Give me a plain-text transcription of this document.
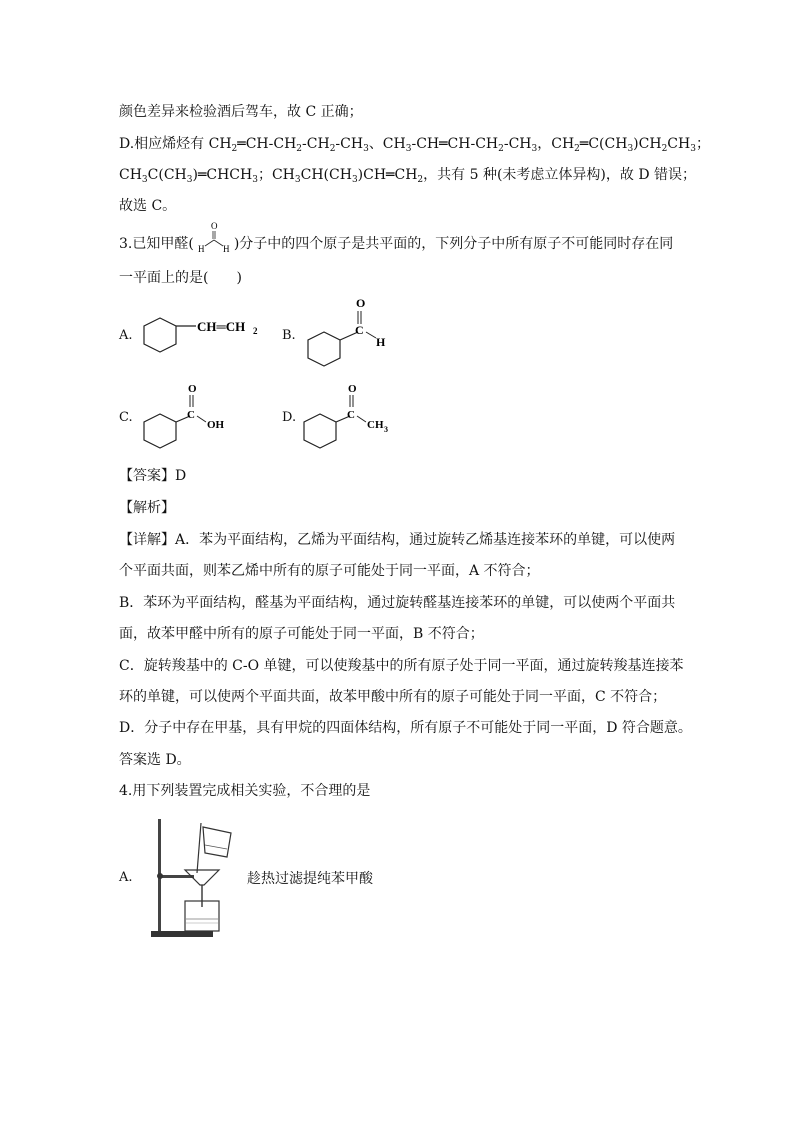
颜色差异来检验酒后驾车，故 C 正确；
D.相应烯烃有 $CH_2═CH-CH_2-CH_2-CH_3$、$CH_3-CH═CH-CH_2-CH_3$，$CH_2═C(CH_3)CH_2CH_3$；
$CH_3C(CH_3)═CHCH_3$；$CH_3CH(CH_3)CH═CH_2$，共有 5 种(未考虑立体异构)，故 D 错误；
故选 C。
3.已知甲醛(
O
H H )分子中的四个原子是共平面的，下列分子中所有原子不可能同时存在同
一平面上的是(　　)
A.
CH═CH 2 B.
O
C
H
C.
O
C
OH	D.
O
C
CH 3
【答案】D
【解析】
【详解】A．苯为平面结构，乙烯为平面结构，通过旋转乙烯基连接苯环的单键，可以使两
个平面共面，则苯乙烯中所有的原子可能处于同一平面，A 不符合；
B．苯环为平面结构，醛基为平面结构，通过旋转醛基连接苯环的单键，可以使两个平面共
面，故苯甲醛中所有的原子可能处于同一平面，B 不符合；
C．旋转羧基中的 C-O 单键，可以使羧基中的所有原子处于同一平面，通过旋转羧基连接苯
环的单键，可以使两个平面共面，故苯甲酸中所有的原子可能处于同一平面，C 不符合；
D．分子中存在甲基，具有甲烷的四面体结构，所有原子不可能处于同一平面，D 符合题意。
答案选 D。
4.用下列装置完成相关实验，不合理的是
A.	趁热过滤提纯苯甲酸
